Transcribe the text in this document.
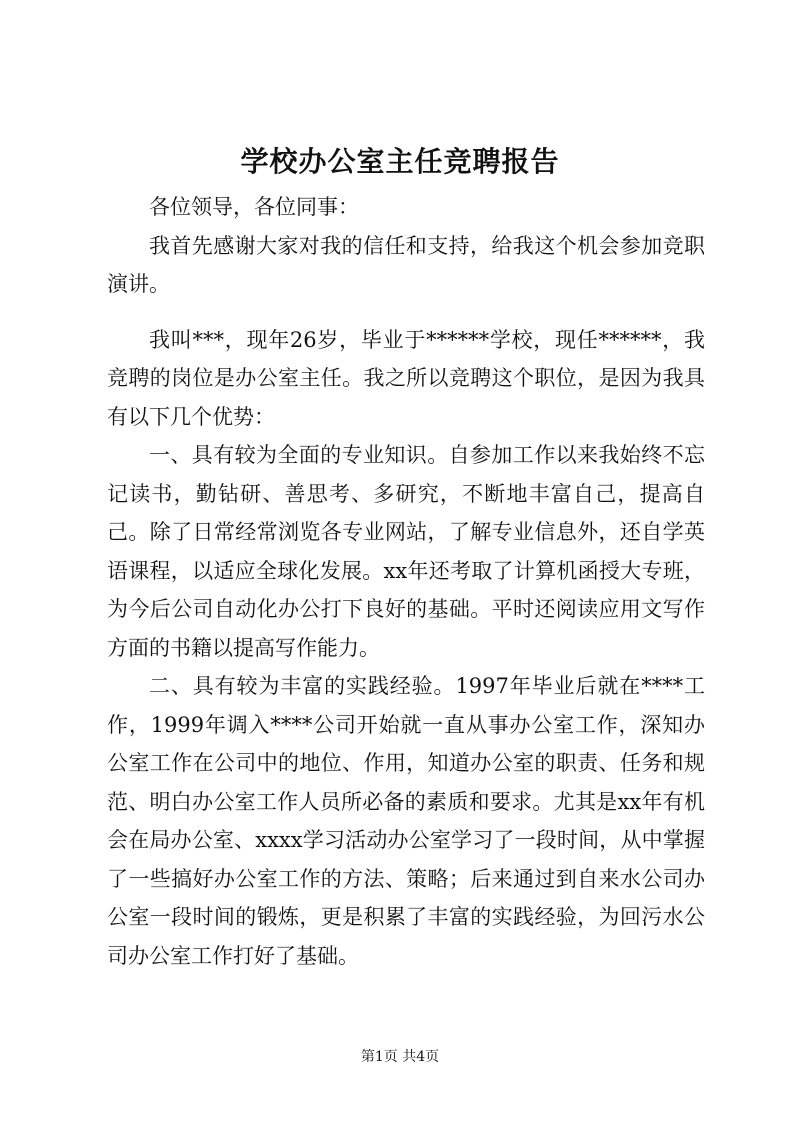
学校办公室主任竞聘报告

各位领导，各位同事：

我首先感谢大家对我的信任和支持，给我这个机会参加竞职演讲。

我叫***，现年26岁，毕业于******学校，现任******，我竞聘的岗位是办公室主任。我之所以竞聘这个职位，是因为我具有以下几个优势：

一、具有较为全面的专业知识。自参加工作以来我始终不忘记读书，勤钻研、善思考、多研究，不断地丰富自己，提高自己。除了日常经常浏览各专业网站，了解专业信息外，还自学英语课程，以适应全球化发展。xx年还考取了计算机函授大专班，为今后公司自动化办公打下良好的基础。平时还阅读应用文写作方面的书籍以提高写作能力。

二、具有较为丰富的实践经验。1997年毕业后就在****工作，1999年调入****公司开始就一直从事办公室工作，深知办公室工作在公司中的地位、作用，知道办公室的职责、任务和规范、明白办公室工作人员所必备的素质和要求。尤其是xx年有机会在局办公室、xxxx学习活动办公室学习了一段时间，从中掌握了一些搞好办公室工作的方法、策略；后来通过到自来水公司办公室一段时间的锻炼，更是积累了丰富的实践经验，为回污水公司办公室工作打好了基础。

第1页 共4页
